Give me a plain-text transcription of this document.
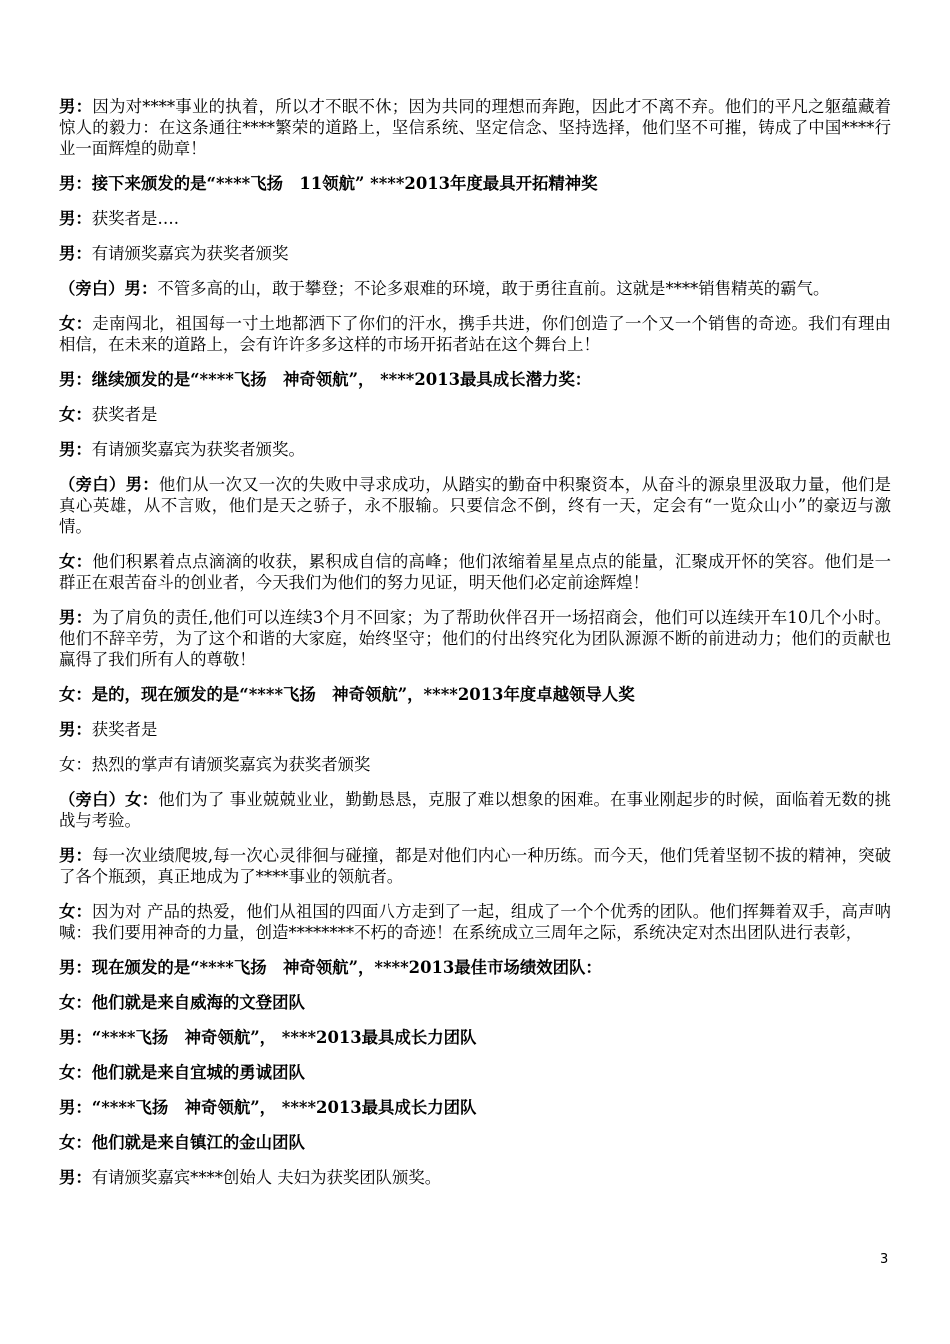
男：因为对****事业的执着，所以才不眠不休；因为共同的理想而奔跑，因此才不离不弃。他们的平凡之躯蕴藏着惊人的毅力：在这条通往****繁荣的道路上，坚信系统、坚定信念、坚持选择，他们坚不可摧，铸成了中国****行业一面辉煌的勋章！

男：接下来颁发的是“****飞扬　11领航” ****2013年度最具开拓精神奖

男：获奖者是….

男：有请颁奖嘉宾为获奖者颁奖

（旁白）男：不管多高的山，敢于攀登；不论多艰难的环境，敢于勇往直前。这就是****销售精英的霸气。

女：走南闯北，祖国每一寸土地都洒下了你们的汗水，携手共进，你们创造了一个又一个销售的奇迹。我们有理由相信，在未来的道路上，会有许许多多这样的市场开拓者站在这个舞台上！

男：继续颁发的是“****飞扬　神奇领航”， ****2013最具成长潜力奖：

女：获奖者是

男：有请颁奖嘉宾为获奖者颁奖。

（旁白）男：他们从一次又一次的失败中寻求成功，从踏实的勤奋中积聚资本，从奋斗的源泉里汲取力量，他们是真心英雄，从不言败，他们是天之骄子，永不服输。只要信念不倒，终有一天，定会有“一览众山小”的豪迈与激情。

女：他们积累着点点滴滴的收获，累积成自信的高峰；他们浓缩着星星点点的能量，汇聚成开怀的笑容。他们是一群正在艰苦奋斗的创业者，今天我们为他们的努力见证，明天他们必定前途辉煌！

男：为了肩负的责任,他们可以连续3个月不回家；为了帮助伙伴召开一场招商会，他们可以连续开车10几个小时。他们不辞辛劳，为了这个和谐的大家庭，始终坚守；他们的付出终究化为团队源源不断的前进动力；他们的贡献也赢得了我们所有人的尊敬！

女：是的，现在颁发的是“****飞扬　神奇领航”，****2013年度卓越领导人奖

男：获奖者是

女：热烈的掌声有请颁奖嘉宾为获奖者颁奖

（旁白）女：他们为了 事业兢兢业业，勤勤恳恳，克服了难以想象的困难。在事业刚起步的时候，面临着无数的挑战与考验。

男：每一次业绩爬坡,每一次心灵徘徊与碰撞，都是对他们内心一种历练。而今天，他们凭着坚韧不拔的精神，突破了各个瓶颈，真正地成为了****事业的领航者。

女：因为对 产品的热爱，他们从祖国的四面八方走到了一起，组成了一个个优秀的团队。他们挥舞着双手，高声呐喊：我们要用神奇的力量，创造********不朽的奇迹！在系统成立三周年之际，系统决定对杰出团队进行表彰，

男：现在颁发的是“****飞扬　神奇领航”，****2013最佳市场绩效团队：

女：他们就是来自威海的文登团队

男：“****飞扬　神奇领航”， ****2013最具成长力团队

女：他们就是来自宜城的勇诚团队

男：“****飞扬　神奇领航”， ****2013最具成长力团队

女：他们就是来自镇江的金山团队

男：有请颁奖嘉宾****创始人 夫妇为获奖团队颁奖。

3
